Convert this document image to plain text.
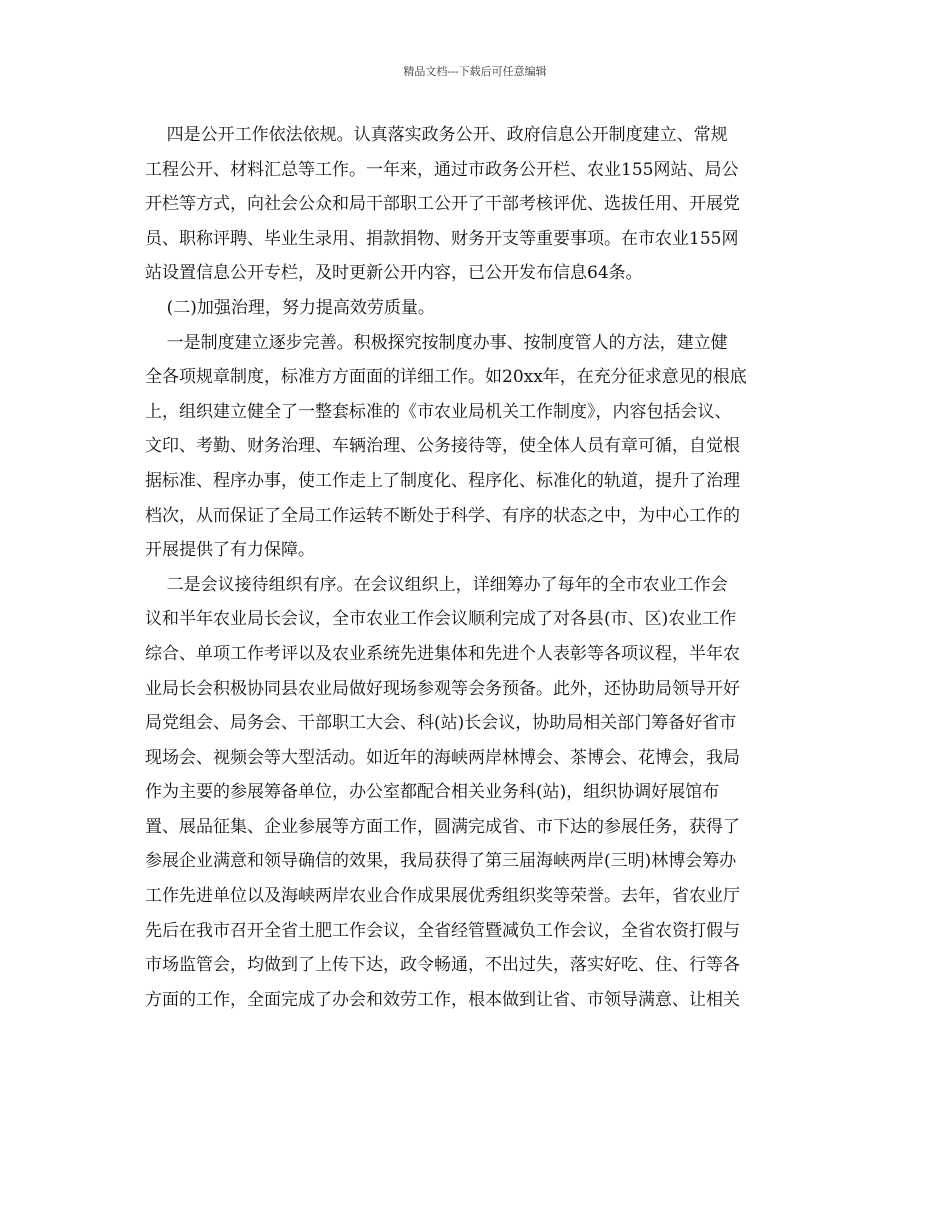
精品文档---下载后可任意编辑

四是公开工作依法依规。认真落实政务公开、政府信息公开制度建立、常规

工程公开、材料汇总等工作。一年来，通过市政务公开栏、农业155网站、局公

开栏等方式，向社会公众和局干部职工公开了干部考核评优、选拔任用、开展党

员、职称评聘、毕业生录用、捐款捐物、财务开支等重要事项。在市农业155网

站设置信息公开专栏，及时更新公开内容，已公开发布信息64条。

(二)加强治理，努力提高效劳质量。

一是制度建立逐步完善。积极探究按制度办事、按制度管人的方法，建立健

全各项规章制度，标准方方面面的详细工作。如20xx年，在充分征求意见的根底

上，组织建立健全了一整套标准的《市农业局机关工作制度》，内容包括会议、

文印、考勤、财务治理、车辆治理、公务接待等，使全体人员有章可循，自觉根

据标准、程序办事，使工作走上了制度化、程序化、标准化的轨道，提升了治理

档次，从而保证了全局工作运转不断处于科学、有序的状态之中，为中心工作的

开展提供了有力保障。

二是会议接待组织有序。在会议组织上，详细筹办了每年的全市农业工作会

议和半年农业局长会议，全市农业工作会议顺利完成了对各县(市、区)农业工作

综合、单项工作考评以及农业系统先进集体和先进个人表彰等各项议程，半年农

业局长会积极协同县农业局做好现场参观等会务预备。此外，还协助局领导开好

局党组会、局务会、干部职工大会、科(站)长会议，协助局相关部门筹备好省市

现场会、视频会等大型活动。如近年的海峡两岸林博会、茶博会、花博会，我局

作为主要的参展筹备单位，办公室都配合相关业务科(站)，组织协调好展馆布

置、展品征集、企业参展等方面工作，圆满完成省、市下达的参展任务，获得了

参展企业满意和领导确信的效果，我局获得了第三届海峡两岸(三明)林博会筹办

工作先进单位以及海峡两岸农业合作成果展优秀组织奖等荣誉。去年，省农业厅

先后在我市召开全省土肥工作会议，全省经管暨减负工作会议，全省农资打假与

市场监管会，均做到了上传下达，政令畅通，不出过失，落实好吃、住、行等各

方面的工作，全面完成了办会和效劳工作，根本做到让省、市领导满意、让相关
